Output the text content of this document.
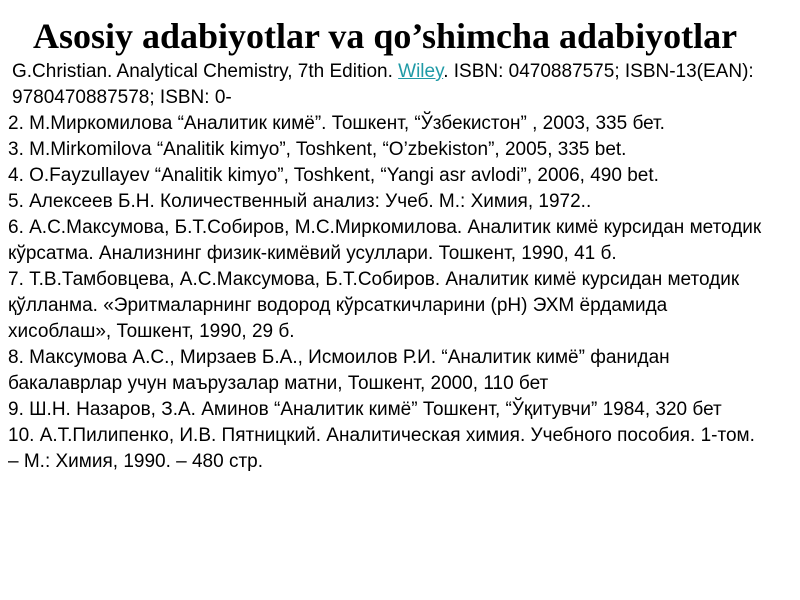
Asosiy adabiyotlar va qo’shimcha adabiyotlar

G.Christian. Analytical Chemistry, 7th Edition. Wiley. ISBN: 0470887575; ISBN-13(EAN): 9780470887578; ISBN: 0-

2. M.Миркомилова “Аналитик кимё”. Тошкент, “Ўзбекистон” , 2003, 335 бет.

3. M.Mirkomilova “Analitik kimyo”, Toshkent, “O’zbekiston”, 2005, 335 bet.

4. O.Fayzullayev “Analitik kimyo”, Toshkent, “Yangi asr avlodi”, 2006, 490 bet.

5. Алексеев Б.Н. Количественный анализ: Учеб. М.: Химия, 1972..

6. А.С.Максумова, Б.Т.Собиров, М.С.Миркомилова. Аналитик кимё курсидан методик кўрсатма. Анализнинг физик-кимёвий усуллари. Тошкент, 1990, 41 б.

7. Т.В.Тамбовцева, А.С.Максумова, Б.Т.Собиров. Аналитик кимё курсидан методик қўлланма. «Эритмаларнинг водород кўрсаткичларини (pH) ЭХМ ёрдамида хисоблаш», Тошкент, 1990, 29 б.

8. Максумова А.С., Мирзаев Б.А., Исмоилов Р.И. “Аналитик кимё” фанидан бакалаврлар учун маърузалар матни, Тошкент, 2000, 110 бет

9. Ш.Н. Назаров, З.А. Аминов “Аналитик кимё” Тошкент, “Ўқитувчи” 1984, 320 бет

10. А.Т.Пилипенко, И.В. Пятницкий. Аналитическая химия. Учебного пособия. 1-том. – М.: Химия, 1990. – 480 стр.
